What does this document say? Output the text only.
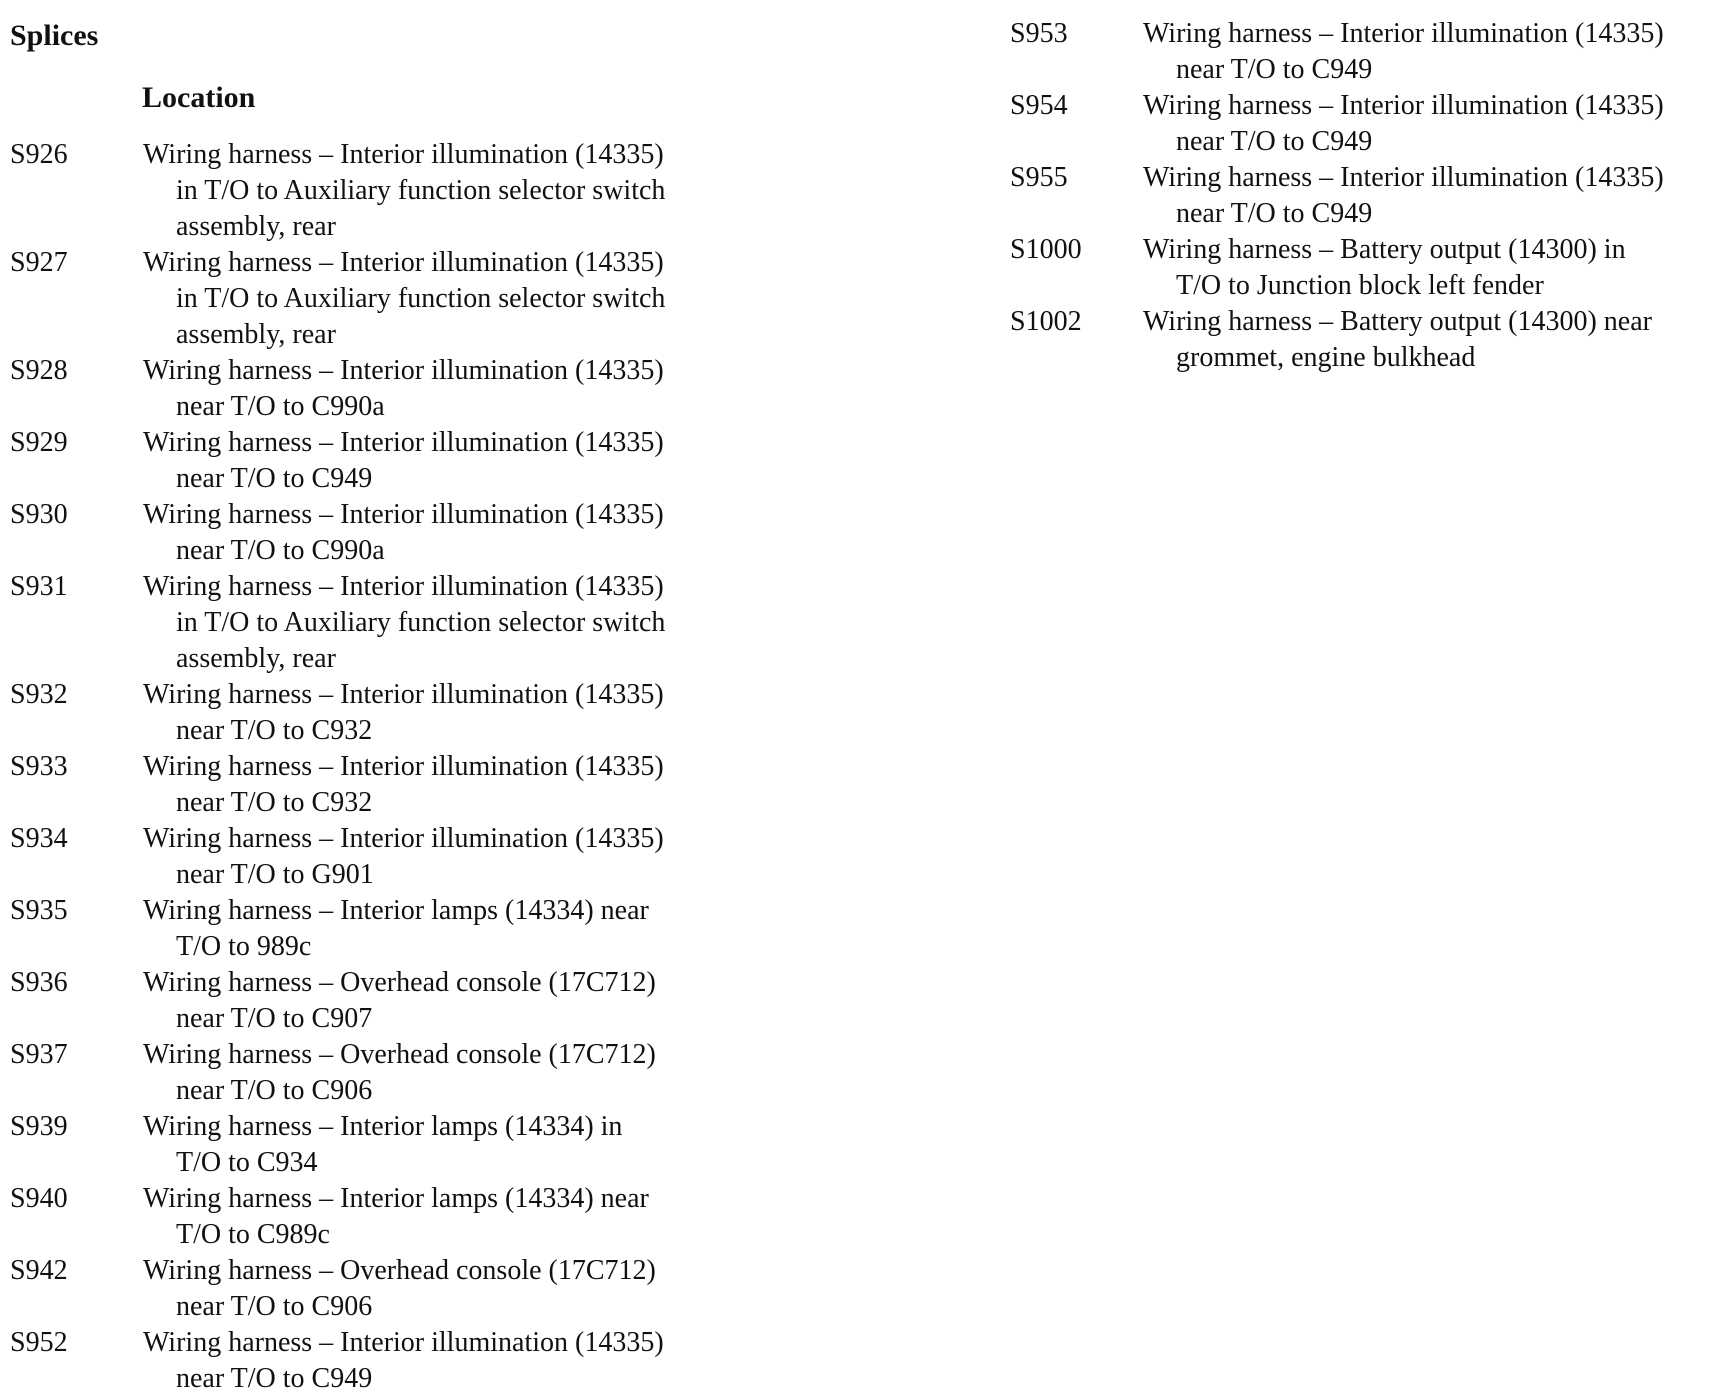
Splices
Location
S926	Wiring harness – Interior illumination (14335)
in T/O to Auxiliary function selector switch
assembly, rear
S927	Wiring harness – Interior illumination (14335)
in T/O to Auxiliary function selector switch
assembly, rear
S928	Wiring harness – Interior illumination (14335)
near T/O to C990a
S929	Wiring harness – Interior illumination (14335)
near T/O to C949
S930	Wiring harness – Interior illumination (14335)
near T/O to C990a
S931	Wiring harness – Interior illumination (14335)
in T/O to Auxiliary function selector switch
assembly, rear
S932	Wiring harness – Interior illumination (14335)
near T/O to C932
S933	Wiring harness – Interior illumination (14335)
near T/O to C932
S934	Wiring harness – Interior illumination (14335)
near T/O to G901
S935	Wiring harness – Interior lamps (14334) near
T/O to 989c
S936	Wiring harness – Overhead console (17C712)
near T/O to C907
S937	Wiring harness – Overhead console (17C712)
near T/O to C906
S939	Wiring harness – Interior lamps (14334) in
T/O to C934
S940	Wiring harness – Interior lamps (14334) near
T/O to C989c
S942	Wiring harness – Overhead console (17C712)
near T/O to C906
S952	Wiring harness – Interior illumination (14335)
near T/O to C949
S953	Wiring harness – Interior illumination (14335)
near T/O to C949
S954	Wiring harness – Interior illumination (14335)
near T/O to C949
S955	Wiring harness – Interior illumination (14335)
near T/O to C949
S1000	Wiring harness – Battery output (14300) in
T/O to Junction block left fender
S1002	Wiring harness – Battery output (14300) near
grommet, engine bulkhead
